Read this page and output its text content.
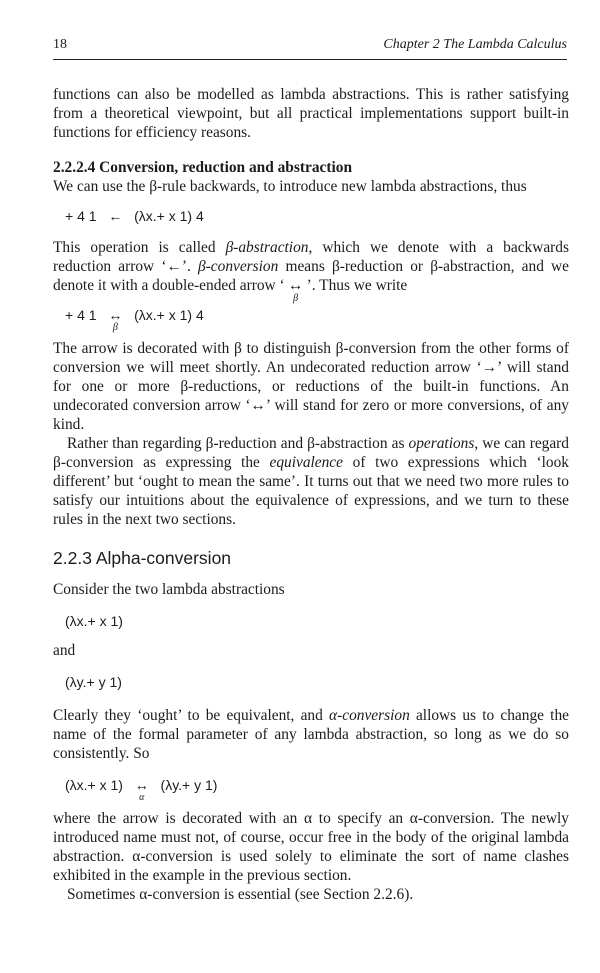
18	Chapter 2 The Lambda Calculus

functions can also be modelled as lambda abstractions. This is rather satisfying from a theoretical viewpoint, but all practical implementations support built-in functions for efficiency reasons.

2.2.2.4 Conversion, reduction and abstraction

We can use the β-rule backwards, to introduce new lambda abstractions, thus

+ 4 1 ← (λx.+ x 1) 4

This operation is called β-abstraction, which we denote with a backwards reduction arrow ‘←’. β-conversion means β-reduction or β-abstraction, and we denote it with a double-ended arrow ‘ ↔
β
’. Thus we write

+ 4 1 ↔
β
(λx.+ x 1) 4

The arrow is decorated with β to distinguish β-conversion from the other forms of conversion we will meet shortly. An undecorated reduction arrow ‘→’ will stand for one or more β-reductions, or reductions of the built-in functions. An undecorated conversion arrow ‘↔’ will stand for zero or more conversions, of any kind.

Rather than regarding β-reduction and β-abstraction as operations, we can regard β-conversion as expressing the equivalence of two expressions which ‘look different’ but ‘ought to mean the same’. It turns out that we need two more rules to satisfy our intuitions about the equivalence of expressions, and we turn to these rules in the next two sections.

2.2.3 Alpha-conversion

Consider the two lambda abstractions

(λx.+ x 1)

and

(λy.+ y 1)

Clearly they ‘ought’ to be equivalent, and α-conversion allows us to change the name of the formal parameter of any lambda abstraction, so long as we do so consistently. So

(λx.+ x 1) ↔
α
(λy.+ y 1)

where the arrow is decorated with an α to specify an α-conversion. The newly introduced name must not, of course, occur free in the body of the original lambda abstraction. α-conversion is used solely to eliminate the sort of name clashes exhibited in the example in the previous section.

Sometimes α-conversion is essential (see Section 2.2.6).
